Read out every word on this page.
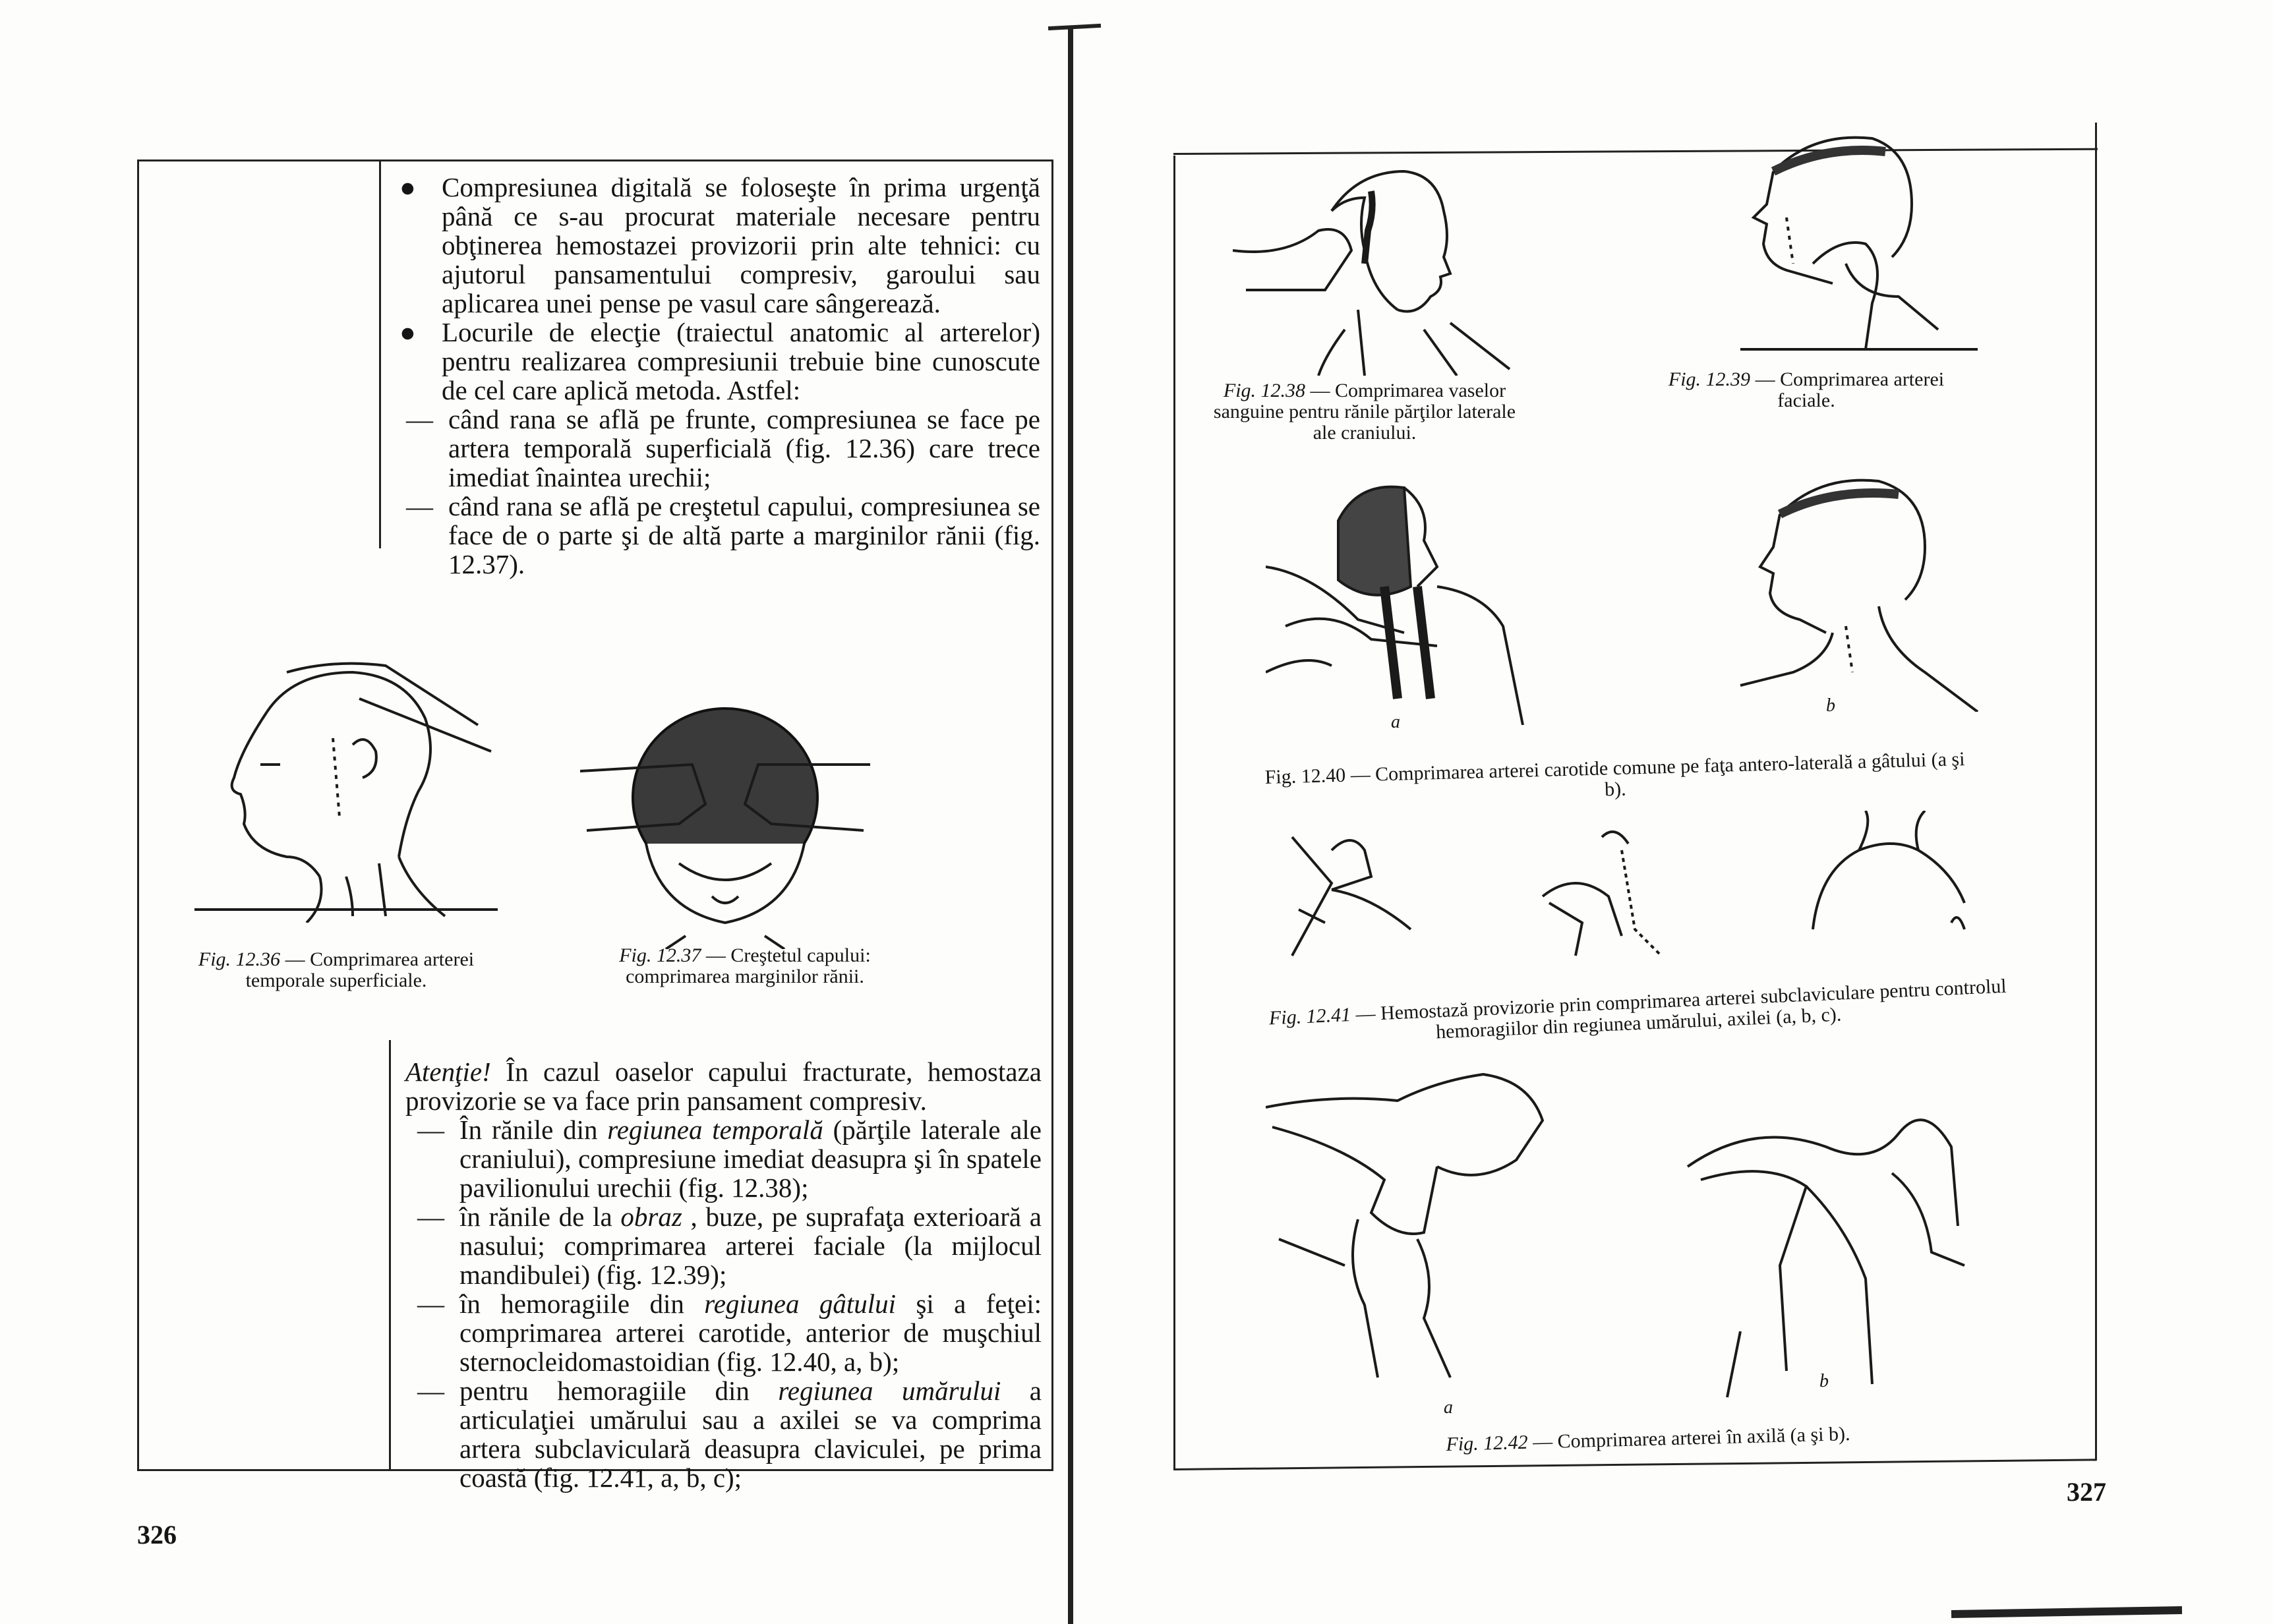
● Compresiunea digitală se foloseşte în prima urgenţă până ce s-au procurat materiale necesare pentru obţinerea hemostazei provizorii prin alte tehnici: cu ajutorul pansamentului compresiv, garoului sau aplicarea unei pense pe vasul care sângerează.

● Locurile de elecţie (traiectul anatomic al arterelor) pentru realizarea compresiunii trebuie bine cunoscute de cel care aplică metoda. Astfel:

— când rana se află pe frunte, compresiunea se face pe artera temporală superficială (fig. 12.36) care trece imediat înaintea urechii;

— când rana se află pe creştetul capului, compresiunea se face de o parte şi de altă parte a marginilor rănii (fig. 12.37).

Fig. 12.36 — Comprimarea arterei temporale superficiale.
Fig. 12.37 — Creştetul capului: comprimarea marginilor rănii.

Atenţie! În cazul oaselor capului fracturate, hemostaza provizorie se va face prin pansament compresiv.

— În rănile din regiunea temporală (părţile laterale ale craniului), compresiune imediat deasupra şi în spatele pavilionului urechii (fig. 12.38);

— în rănile de la obraz , buze, pe suprafaţa exterioară a nasului; comprimarea arterei faciale (la mijlocul mandibulei) (fig. 12.39);

— în hemoragiile din regiunea gâtului şi a feţei: comprimarea arterei carotide, anterior de muşchiul sternocleidomastoidian (fig. 12.40, a, b);

— pentru hemoragiile din regiunea umărului a articulaţiei umărului sau a axilei se va comprima artera subclaviculară deasupra claviculei, pe prima coastă (fig. 12.41, a, b, c);

326
Fig. 12.38 — Comprimarea vaselor sanguine pentru rănile părţilor laterale ale craniului.
Fig. 12.39 — Comprimarea arterei faciale.
a
b
Fig. 12.40 — Comprimarea arterei carotide comune pe faţa antero-laterală a gâtului (a şi b).
Fig. 12.41 — Hemostază provizorie prin comprimarea arterei subclaviculare pentru controlul hemoragiilor din regiunea umărului, axilei (a, b, c).
a
b
Fig. 12.42 — Comprimarea arterei în axilă (a şi b).
327
